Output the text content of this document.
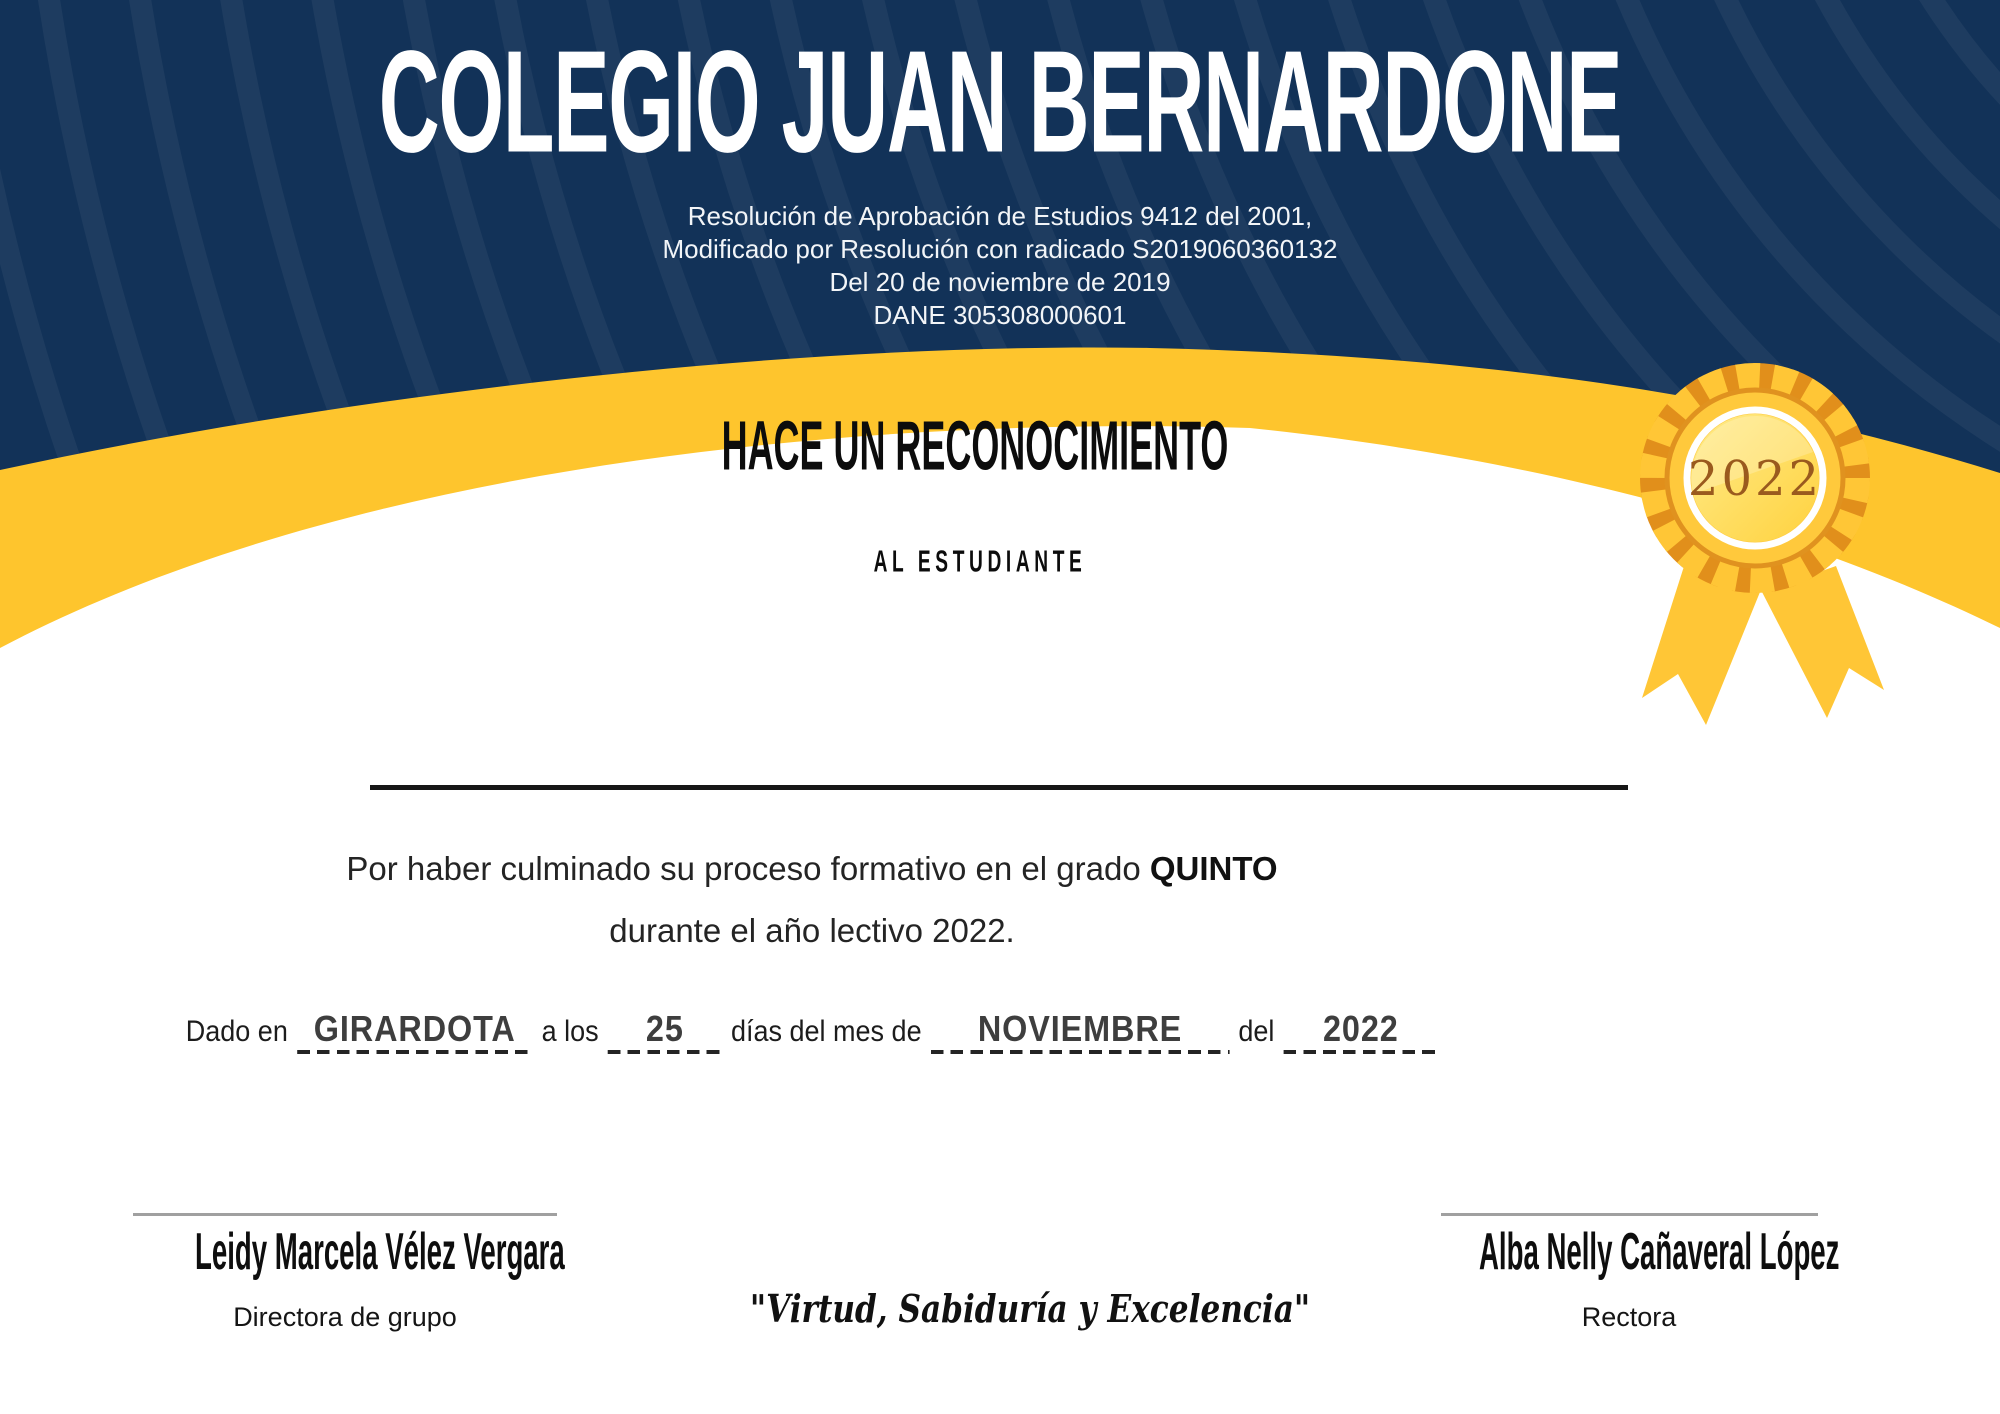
2022
COLEGIO JUAN BERNARDONE
Resolución de Aprobación de Estudios 9412 del 2001,
Modificado por Resolución con radicado S2019060360132
Del 20 de noviembre de 2019
DANE 305308000601
HACE UN RECONOCIMIENTO
AL ESTUDIANTE
Por haber culminado su proceso formativo en el grado QUINTO
durante el año lectivo 2022.
Dado en GIRARDOTA a los	25	días del mes de	NOVIEMBRE	del	2022
Leidy Marcela Vélez Vergara
Directora de grupo
Alba Nelly Cañaveral López
Rectora
"Virtud, Sabiduría y Excelencia"
